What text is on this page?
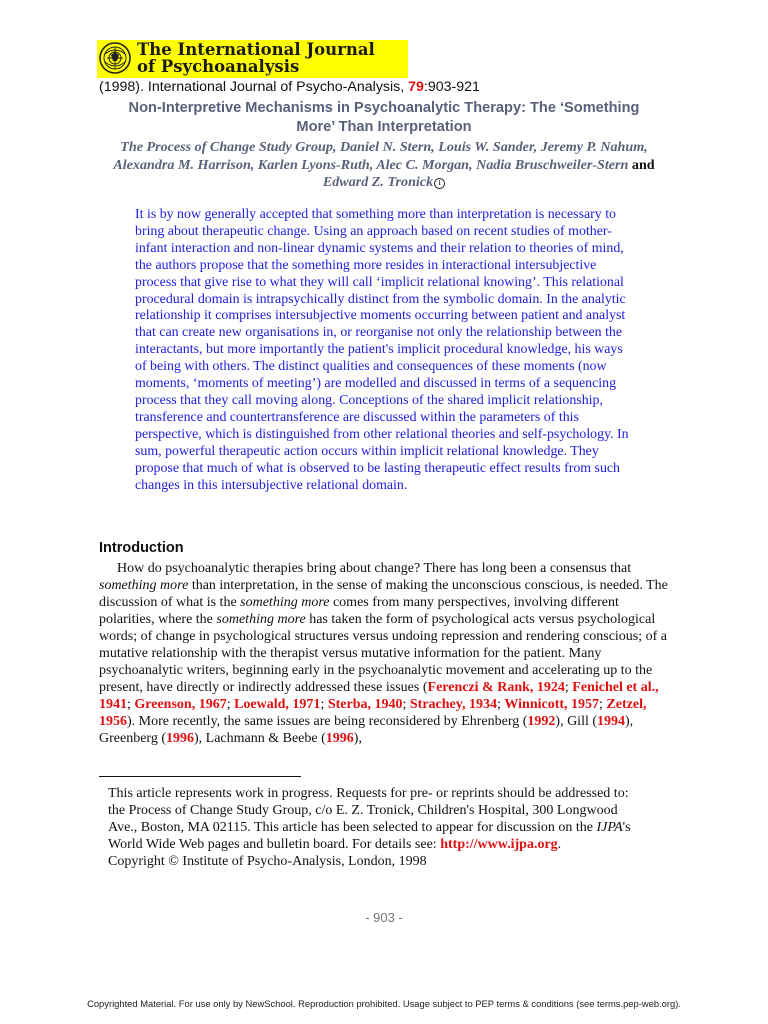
The International Journal
of Psychoanalysis
(1998). International Journal of Psycho-Analysis, 79:903-921
Non-Interpretive Mechanisms in Psychoanalytic Therapy: The ‘Something
More’ Than Interpretation
The Process of Change Study Group, Daniel N. Stern, Louis W. Sander, Jeremy P. Nahum, Alexandra M. Harrison, Karlen Lyons-Ruth, Alec C. Morgan, Nadia Bruschweiler-Stern and Edward Z. Tronick i

It is by now generally accepted that something more than interpretation is necessary to bring about therapeutic change. Using an approach based on recent studies of mother-infant interaction and non-linear dynamic systems and their relation to theories of mind, the authors propose that the something more resides in interactional intersubjective process that give rise to what they will call ‘implicit relational knowing’. This relational procedural domain is intrapsychically distinct from the symbolic domain. In the analytic relationship it comprises intersubjective moments occurring between patient and analyst that can create new organisations in, or reorganise not only the relationship between the interactants, but more importantly the patient's implicit procedural knowledge, his ways of being with others. The distinct qualities and consequences of these moments (now moments, ‘moments of meeting’) are modelled and discussed in terms of a sequencing process that they call moving along. Conceptions of the shared implicit relationship, transference and countertransference are discussed within the parameters of this perspective, which is distinguished from other relational theories and self-psychology. In sum, powerful therapeutic action occurs within implicit relational knowledge. They propose that much of what is observed to be lasting therapeutic effect results from such changes in this intersubjective relational domain.

Introduction

How do psychoanalytic therapies bring about change? There has long been a consensus that something more than interpretation, in the sense of making the unconscious conscious, is needed. The discussion of what is the something more comes from many perspectives, involving different polarities, where the something more has taken the form of psychological acts versus psychological words; of change in psychological structures versus undoing repression and rendering conscious; of a mutative relationship with the therapist versus mutative information for the patient. Many psychoanalytic writers, beginning early in the psychoanalytic movement and accelerating up to the present, have directly or indirectly addressed these issues (Ferenczi & Rank, 1924; Fenichel et al., 1941; Greenson, 1967; Loewald, 1971; Sterba, 1940; Strachey, 1934; Winnicott, 1957; Zetzel, 1956). More recently, the same issues are being reconsidered by Ehrenberg (1992), Gill (1994), Greenberg (1996), Lachmann & Beebe (1996),

This article represents work in progress. Requests for pre- or reprints should be addressed to: the Process of Change Study Group, c/o E. Z. Tronick, Children's Hospital, 300 Longwood Ave., Boston, MA 02115. This article has been selected to appear for discussion on the IJPA's World Wide Web pages and bulletin board. For details see: http://www.ijpa.org.
Copyright © Institute of Psycho-Analysis, London, 1998

- 903 -
Copyrighted Material. For use only by NewSchool. Reproduction prohibited. Usage subject to PEP terms & conditions (see terms.pep-web.org).
